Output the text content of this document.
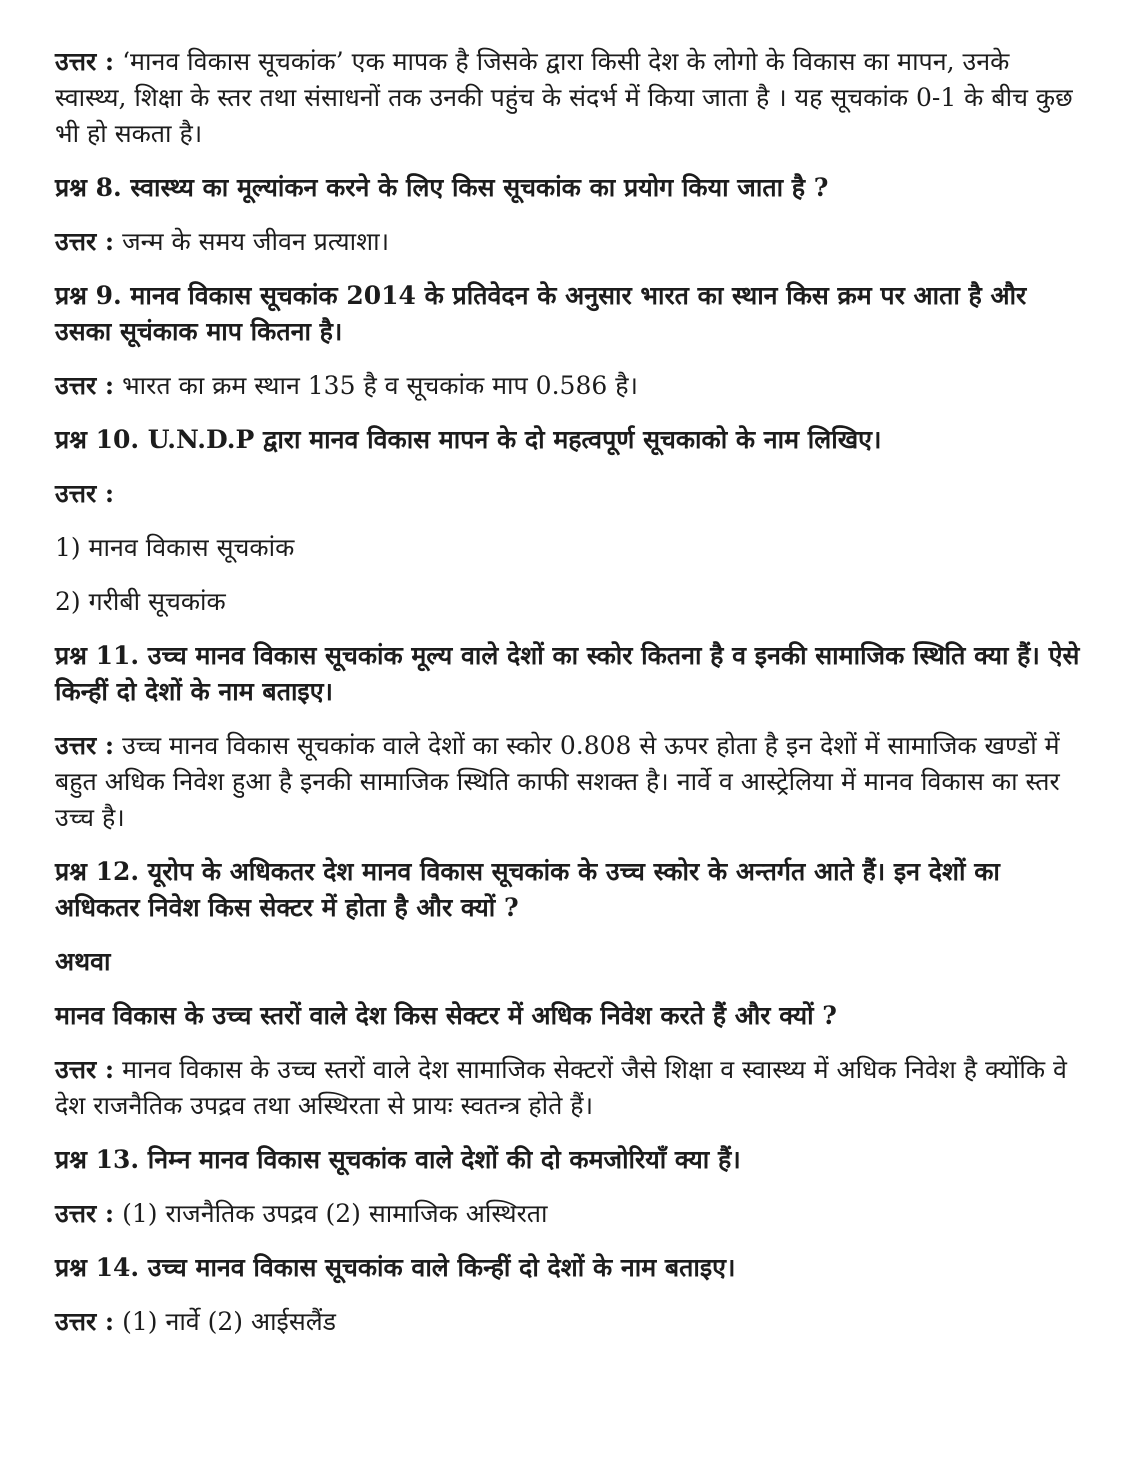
उत्तर : ‘मानव विकास सूचकांक’ एक मापक है जिसके द्वारा किसी देश के लोगो के विकास का मापन, उनके स्वास्थ्य, शिक्षा के स्तर तथा संसाधनों तक उनकी पहुंच के संदर्भ में किया जाता है । यह सूचकांक 0-1 के बीच कुछ भी हो सकता है।

प्रश्न 8. स्वास्थ्य का मूल्यांकन करने के लिए किस सूचकांक का प्रयोग किया जाता है ?

उत्तर : जन्म के समय जीवन प्रत्याशा।

प्रश्न 9. मानव विकास सूचकांक 2014 के प्रतिवेदन के अनुसार भारत का स्थान किस क्रम पर आता है और उसका सूचंकाक माप कितना है।

उत्तर : भारत का क्रम स्थान 135 है व सूचकांक माप 0.586 है।

प्रश्न 10. U.N.D.P द्वारा मानव विकास मापन के दो महत्वपूर्ण सूचकाको के नाम लिखिए।

उत्तर :

1) मानव विकास सूचकांक

2) गरीबी सूचकांक

प्रश्न 11. उच्च मानव विकास सूचकांक मूल्य वाले देशों का स्कोर कितना है व इनकी सामाजिक स्थिति क्या हैं। ऐसे किन्हीं दो देशों के नाम बताइए।

उत्तर : उच्च मानव विकास सूचकांक वाले देशों का स्कोर 0.808 से ऊपर होता है इन देशों में सामाजिक खण्डों में बहुत अधिक निवेश हुआ है इनकी सामाजिक स्थिति काफी सशक्त है। नार्वे व आस्ट्रेलिया में मानव विकास का स्तर उच्च है।

प्रश्न 12. यूरोप के अधिकतर देश मानव विकास सूचकांक के उच्च स्कोर के अन्तर्गत आते हैं। इन देशों का अधिकतर निवेश किस सेक्टर में होता है और क्यों ?

अथवा

मानव विकास के उच्च स्तरों वाले देश किस सेक्टर में अधिक निवेश करते हैं और क्यों ?

उत्तर : मानव विकास के उच्च स्तरों वाले देश सामाजिक सेक्टरों जैसे शिक्षा व स्वास्थ्य में अधिक निवेश है क्योंकि वे देश राजनैतिक उपद्रव तथा अस्थिरता से प्रायः स्वतन्त्र होते हैं।

प्रश्न 13. निम्न मानव विकास सूचकांक वाले देशों की दो कमजोरियाँ क्या हैं।

उत्तर : (1) राजनैतिक उपद्रव (2) सामाजिक अस्थिरता

प्रश्न 14. उच्च मानव विकास सूचकांक वाले किन्हीं दो देशों के नाम बताइए।

उत्तर : (1) नार्वे (2) आईसलैंड
